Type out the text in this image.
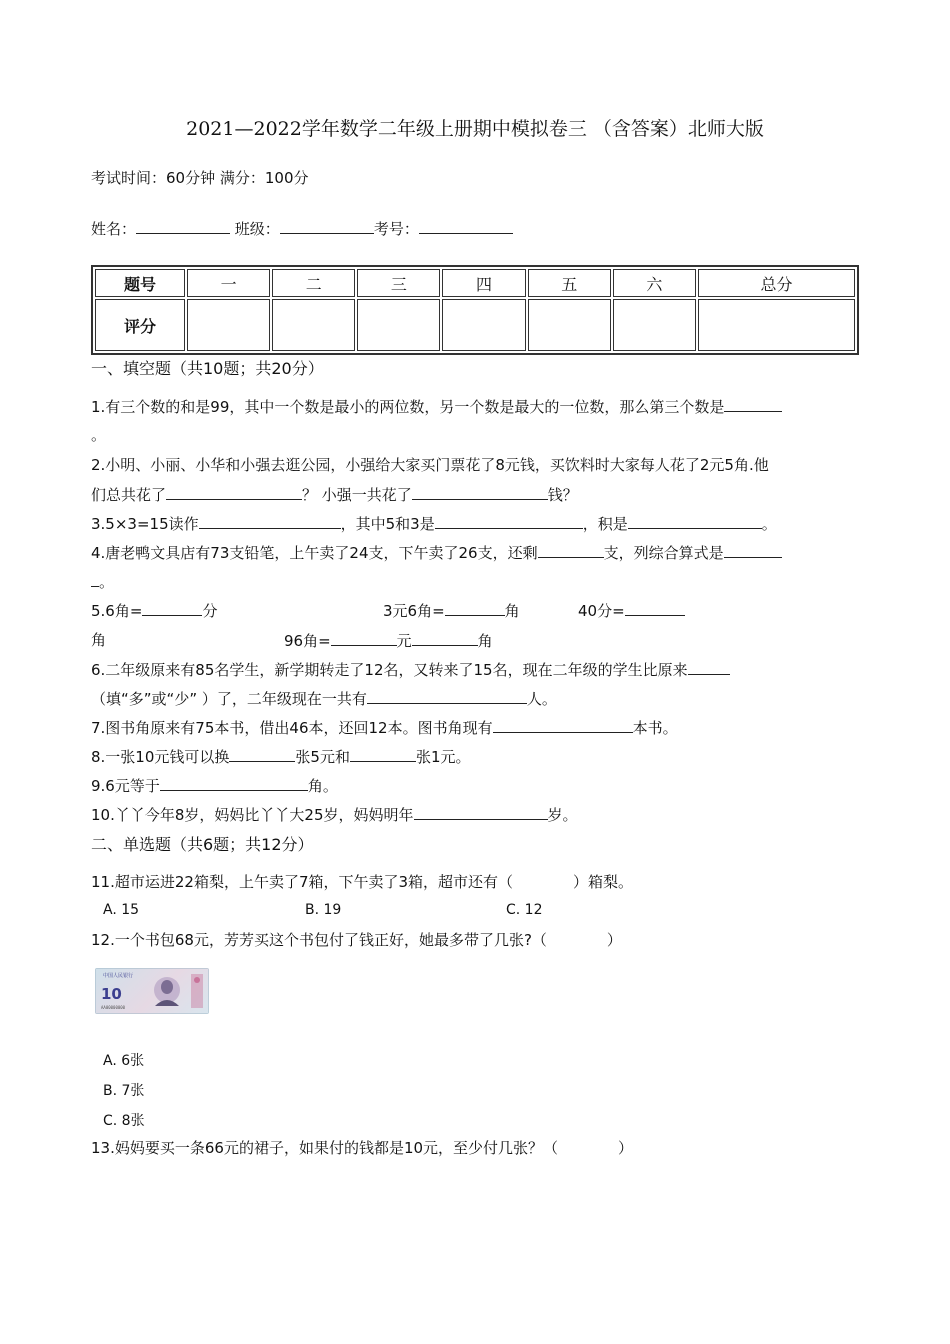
2021—2022学年数学二年级上册期中模拟卷三 （含答案）北师大版
考试时间：60分钟 满分：100分
姓名：	班级：	考号：
题号	一	二	三	四	五	六	总分
评分							
一、填空题（共10题；共20分）
1.有三个数的和是99，其中一个数是最小的两位数，另一个数是最大的一位数，那么第三个数是
。
2.小明、小丽、小华和小强去逛公园，小强给大家买门票花了8元钱，买饮料时大家每人花了2元5角.他
们总共花了	？ 小强一共花了	钱？
3.5×3=15读作	，其中5和3是	，积是	。
4.唐老鸭文具店有73支铅笔，上午卖了24支，下午卖了26支，还剩	支，列综合算式是
。
5.6角=	分	3元6角=	角	40分=
角	96角=	元	角
6.二年级原来有85名学生，新学期转走了12名，又转来了15名，现在二年级的学生比原来
（填“多”或“少” ）了，二年级现在一共有	人。
7.图书角原来有75本书，借出46本，还回12本。图书角现有	本书。
8.一张10元钱可以换	张5元和	张1元。
9.6元等于	角。
10.丫丫今年8岁，妈妈比丫丫大25岁，妈妈明年	岁。
二、单选题（共6题；共12分）
11.超市运进22箱梨，上午卖了7箱，下午卖了3箱，超市还有（　　　　）箱梨。
A. 15	B. 19	C. 12
12.一个书包68元，芳芳买这个书包付了钱正好，她最多带了几张?（　　　　）
中国人民银行
10
AA00000000
A. 6张
B. 7张
C. 8张
13.妈妈要买一条66元的裙子，如果付的钱都是10元，至少付几张？（　　　　）
